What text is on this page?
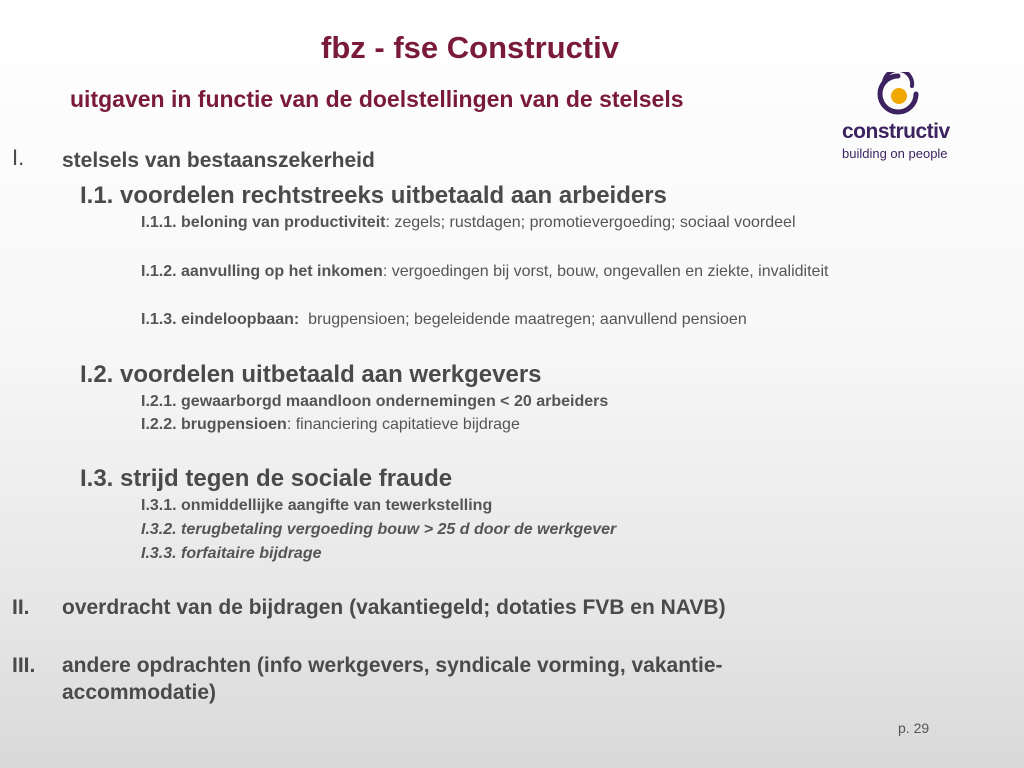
fbz - fse Constructiv
uitgaven in functie van de doelstellingen van de stelsels
constructiv
building on people
I. stelsels van bestaanszekerheid
I.1. voordelen rechtstreeks uitbetaald aan arbeiders
I.1.1. beloning van productiviteit: zegels; rustdagen; promotievergoeding; sociaal voordeel
I.1.2. aanvulling op het inkomen: vergoedingen bij vorst, bouw, ongevallen en ziekte, invaliditeit
I.1.3. eindeloopbaan:  brugpensioen; begeleidende maatregen; aanvullend pensioen
I.2. voordelen uitbetaald aan werkgevers
I.2.1. gewaarborgd maandloon ondernemingen < 20 arbeiders
I.2.2. brugpensioen: financiering capitatieve bijdrage
I.3. strijd tegen de sociale fraude
I.3.1. onmiddellijke aangifte van tewerkstelling
I.3.2. terugbetaling vergoeding bouw > 25 d door de werkgever
I.3.3. forfaitaire bijdrage
II. overdracht van de bijdragen (vakantiegeld; dotaties FVB en NAVB)
III. andere opdrachten (info werkgevers, syndicale vorming, vakantie-
accommodatie)
p. 29
